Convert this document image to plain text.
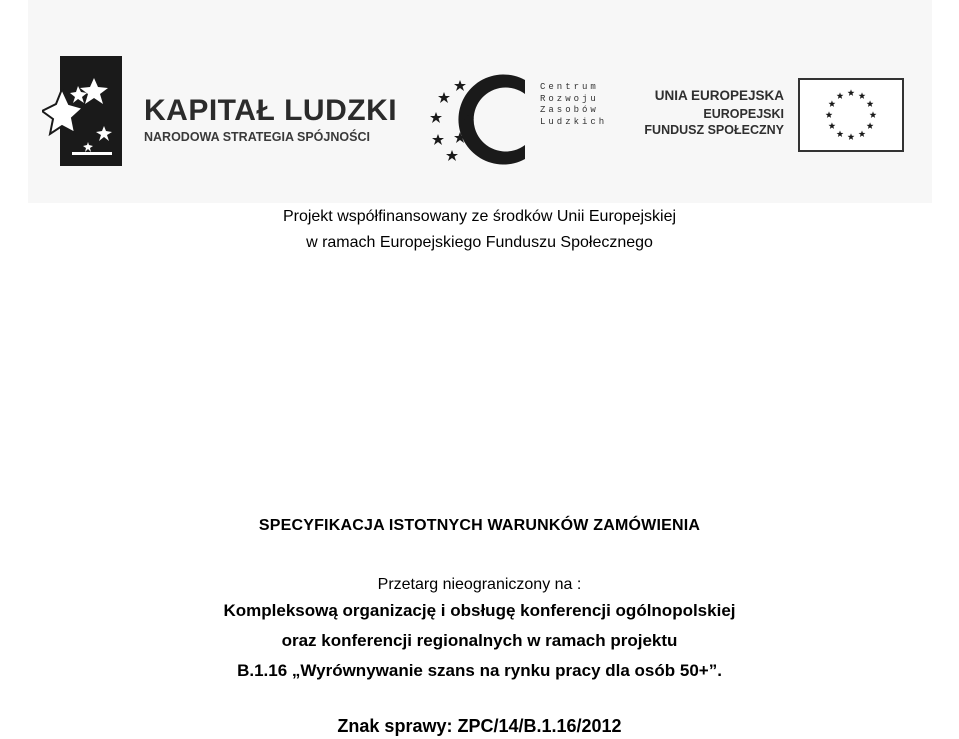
KAPITAŁ LUDZKI
NARODOWA STRATEGIA SPÓJNOŚCI
Centrum
Rozwoju
Zasobów
Ludzkich
UNIA EUROPEJSKA
EUROPEJSKI
FUNDUSZ SPOŁECZNY
Projekt współfinansowany ze środków Unii Europejskiej
w ramach Europejskiego Funduszu Społecznego
SPECYFIKACJA ISTOTNYCH WARUNKÓW ZAMÓWIENIA
Przetarg nieograniczony na :
Kompleksową organizację i obsługę konferencji ogólnopolskiej
oraz konferencji regionalnych w ramach projektu
B.1.16 „Wyrównywanie szans na rynku pracy dla osób 50+”.
Znak sprawy: ZPC/14/B.1.16/2012
